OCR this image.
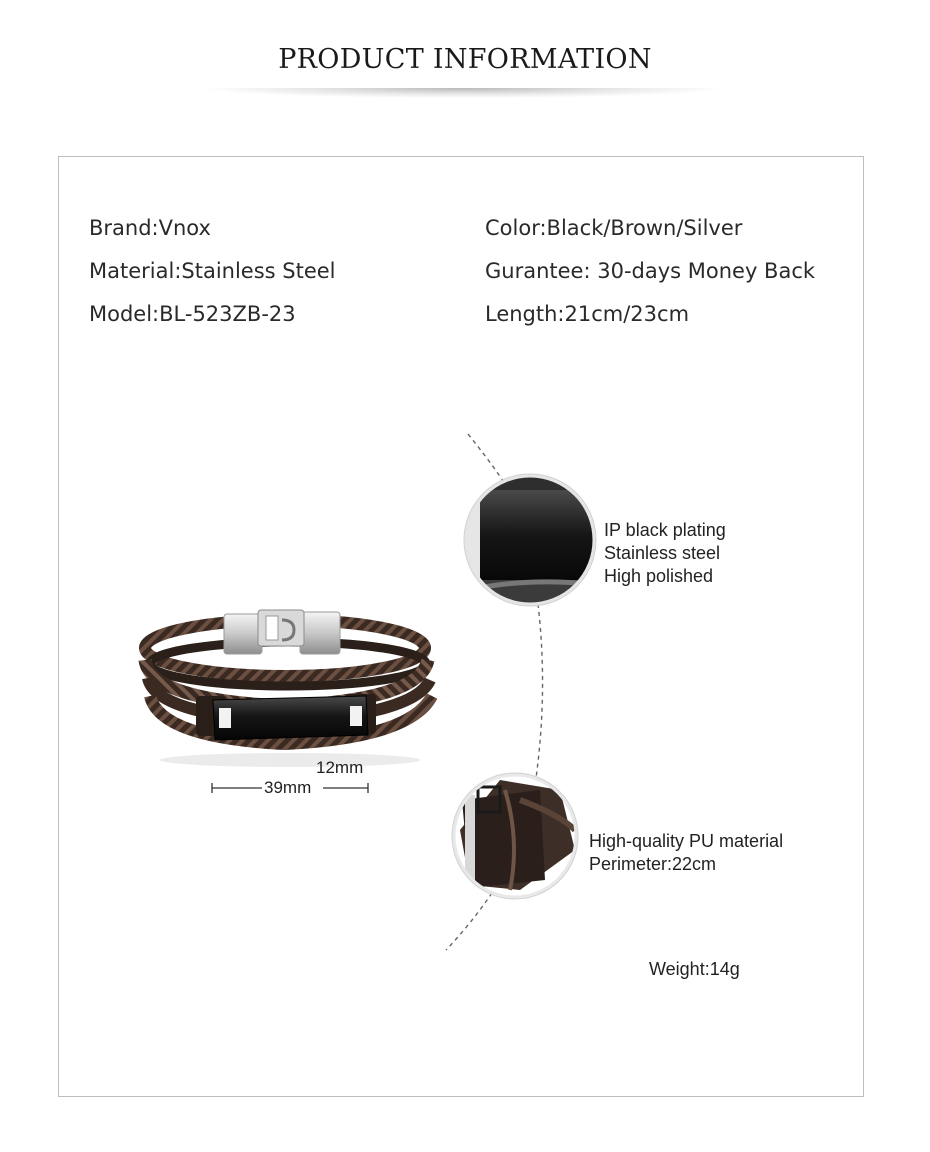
PRODUCT INFORMATION
Brand:Vnox
Material:Stainless Steel
Model:BL-523ZB-23
Color:Black/Brown/Silver
Gurantee: 30-days Money Back
Length:21cm/23cm
12mm
39mm
IP black plating
Stainless steel
High polished
High-quality PU material
Perimeter:22cm
Weight:14g
